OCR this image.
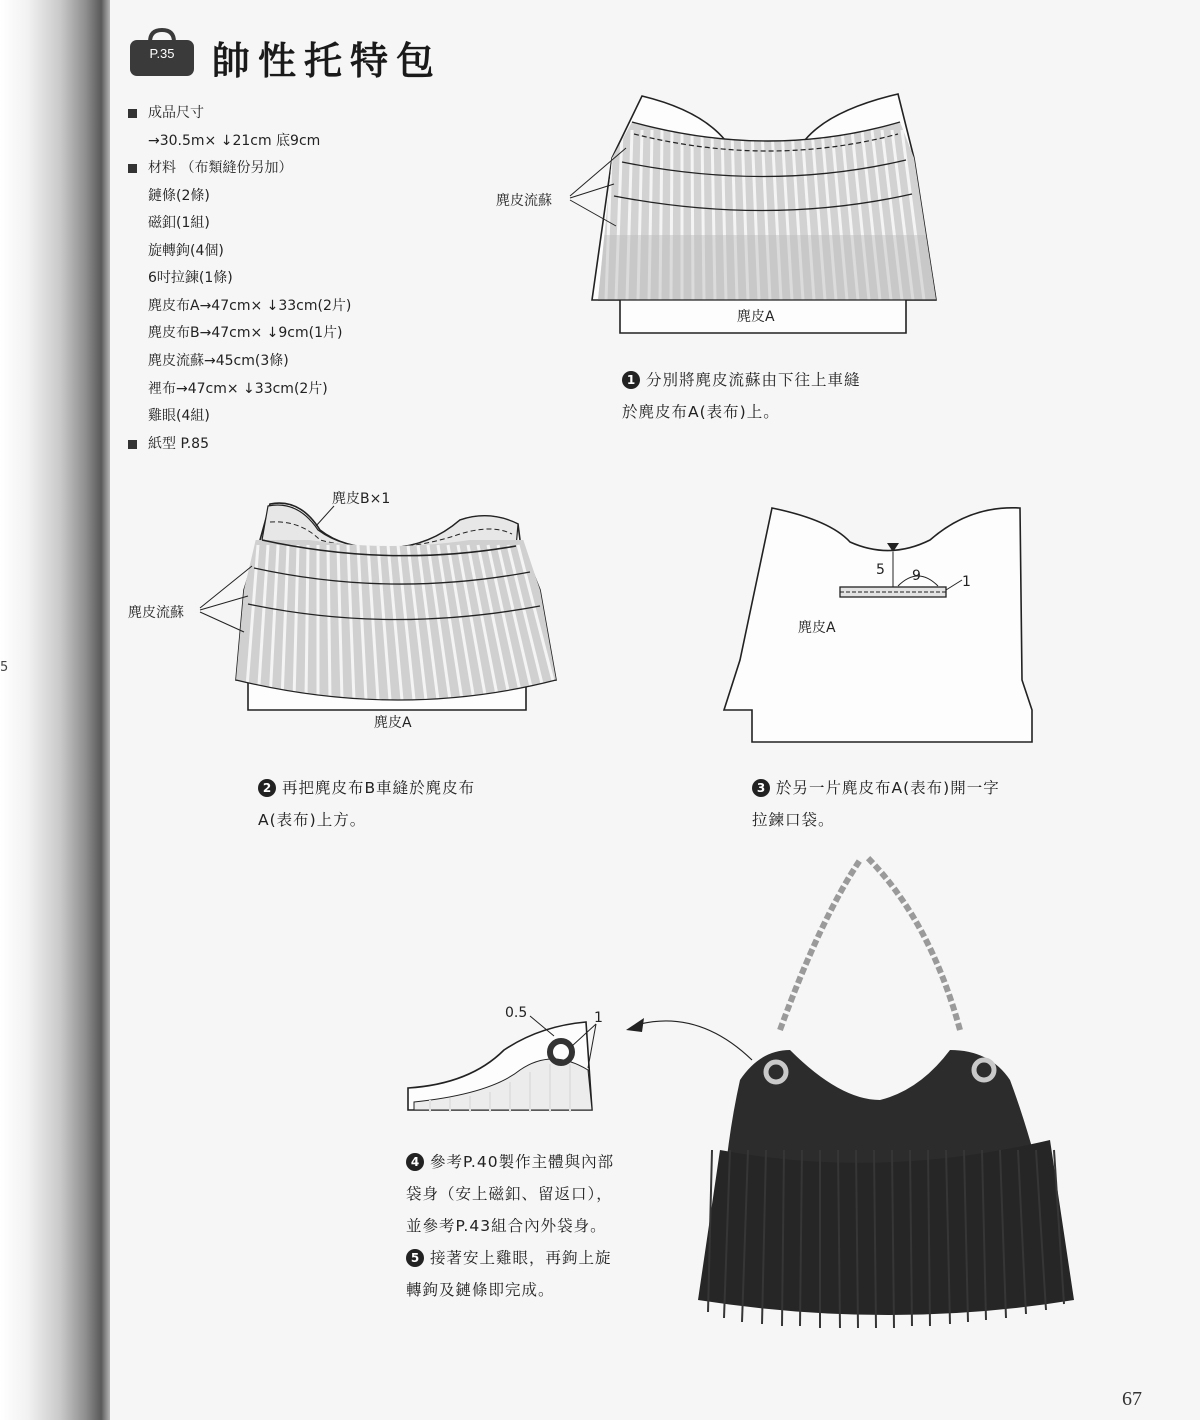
5
P.35 帥性托特包
成品尺寸
→30.5m× ↓21cm 底9cm
材料 （布類縫份另加）
鏈條(2條)
磁釦(1組)
旋轉鉤(4個)
6吋拉鍊(1條)
麂皮布A→47cm× ↓33cm(2片)
麂皮布B→47cm× ↓9cm(1片)
麂皮流蘇→45cm(3條)
裡布→47cm× ↓33cm(2片)
雞眼(4組)
紙型 P.85
麂皮流蘇
麂皮A
麂皮B×1
麂皮流蘇
麂皮A
5 9	1
麂皮A
0.5	1
1 分別將麂皮流蘇由下往上車縫
於麂皮布A(表布)上。
2 再把麂皮布B車縫於麂皮布
A(表布)上方。
3 於另一片麂皮布A(表布)開一字
拉鍊口袋。
4 參考P.40製作主體與內部
袋身（安上磁釦、留返口），
並參考P.43組合內外袋身。
5 接著安上雞眼，再鉤上旋
轉鉤及鏈條即完成。
67
